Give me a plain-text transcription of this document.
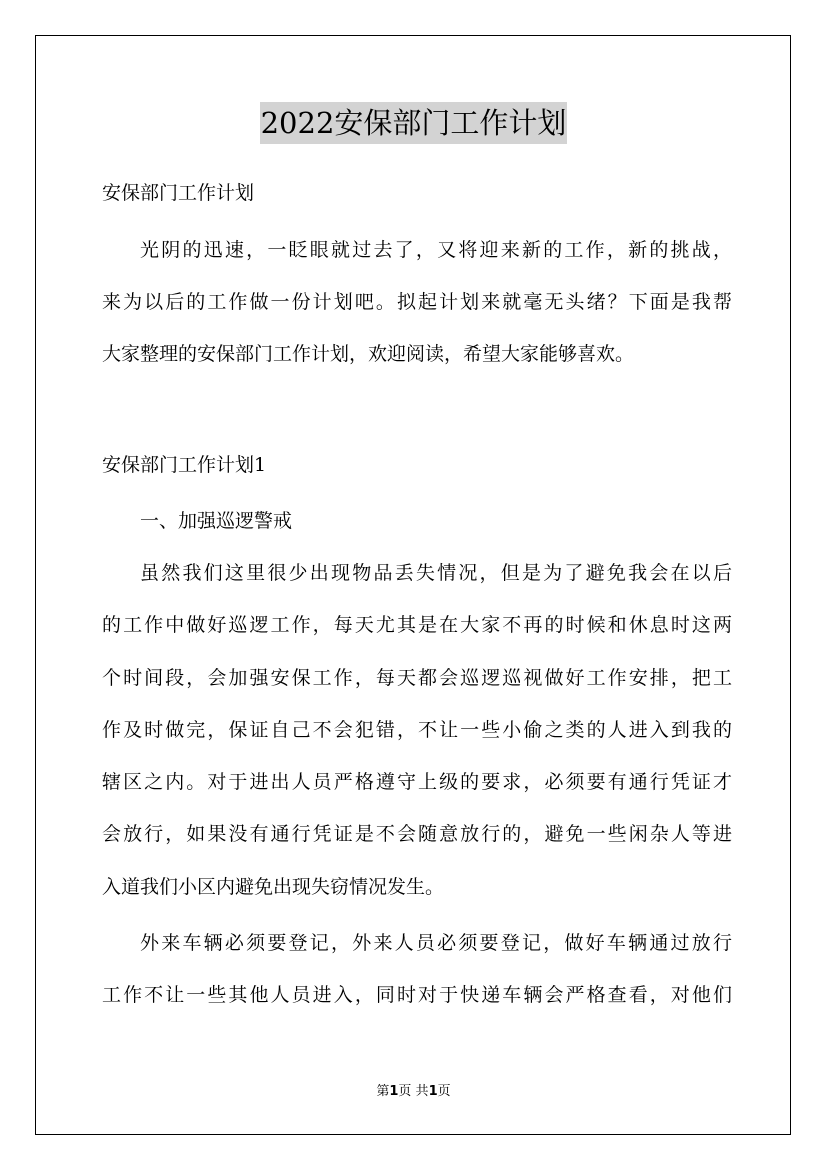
2022安保部门工作计划
安保部门工作计划
光阴的迅速，一眨眼就过去了，又将迎来新的工作，新的挑战，
来为以后的工作做一份计划吧。拟起计划来就毫无头绪？下面是我帮
大家整理的安保部门工作计划，欢迎阅读，希望大家能够喜欢。
安保部门工作计划1
一、加强巡逻警戒
虽然我们这里很少出现物品丢失情况，但是为了避免我会在以后
的工作中做好巡逻工作，每天尤其是在大家不再的时候和休息时这两
个时间段，会加强安保工作，每天都会巡逻巡视做好工作安排，把工
作及时做完，保证自己不会犯错，不让一些小偷之类的人进入到我的
辖区之内。对于进出人员严格遵守上级的要求，必须要有通行凭证才
会放行，如果没有通行凭证是不会随意放行的，避免一些闲杂人等进
入道我们小区内避免出现失窃情况发生。
外来车辆必须要登记，外来人员必须要登记，做好车辆通过放行
工作不让一些其他人员进入，同时对于快递车辆会严格查看，对他们
第1页 共1页
